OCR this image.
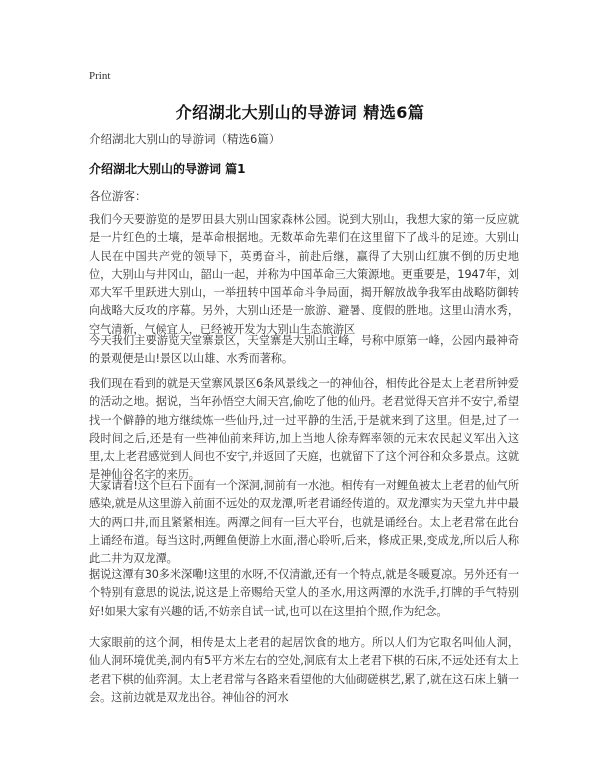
Print
介绍湖北大别山的导游词 精选6篇
介绍湖北大别山的导游词（精选6篇）
介绍湖北大别山的导游词 篇1
各位游客：

我们今天要游览的是罗田县大别山国家森林公园。说到大别山，我想大家的第一反应就是一片红色的土壤，是革命根据地。无数革命先辈们在这里留下了战斗的足迹。大别山人民在中国共产党的领导下，英勇奋斗，前赴后继，赢得了大别山红旗不倒的历史地位，大别山与井冈山，韶山一起，并称为中国革命三大策源地。更重要是，1947年，刘邓大军千里跃进大别山，一举扭转中国革命斗争局面，揭开解放战争我军由战略防御转向战略大反攻的序幕。另外，大别山还是一旅游、避暑、度假的胜地。这里山清水秀，空气清新，气候宜人，已经被开发为大别山生态旅游区

今天我们主要游览天堂寨景区，天堂寨是大别山主峰，号称中原第一峰，公园内最神奇的景观便是山!景区以山雄、水秀而著称。

我们现在看到的就是天堂寨风景区6条风景线之一的神仙谷，相传此谷是太上老君所钟爱的活动之地。据说，当年孙悟空大闹天宫,偷吃了他的仙丹。老君觉得天宫并不安宁,希望找一个僻静的地方继续炼一些仙丹,过一过平静的生活,于是就来到了这里。但是,过了一段时间之后,还是有一些神仙前来拜访,加上当地人徐寿辉率领的元末农民起义军出入这里,太上老君感觉到人间也不安宁,并返回了天庭，也就留下了这个河谷和众多景点。这就是神仙谷名字的来历。

大家请看!这个巨石下面有一个深洞,洞前有一水池。相传有一对鲤鱼被太上老君的仙气所感染,就是从这里游入前面不远处的双龙潭,听老君诵经传道的。双龙潭实为天堂九井中最大的两口井,而且紧紧相连。两潭之间有一巨大平台，也就是诵经台。太上老君常在此台上诵经布道。每当这时,两鲤鱼便游上水面,潜心聆听,后来，修成正果,变成龙,所以后人称此二井为双龙潭。

据说这潭有30多米深嘞!这里的水呀,不仅清澈,还有一个特点,就是冬暖夏凉。另外还有一个特别有意思的说法,说这是上帝赐给天堂人的圣水,用这两潭的水洗手,打牌的手气特别好!如果大家有兴趣的话,不妨亲自试一试,也可以在这里拍个照,作为纪念。

大家眼前的这个洞，相传是太上老君的起居饮食的地方。所以人们为它取名叫仙人洞，仙人洞环境优美,洞内有5平方米左右的空处,洞底有太上老君下棋的石床,不远处还有太上老君下棋的仙弈洞。太上老君常与各路来看望他的大仙砌磋棋艺,累了,就在这石床上躺一会。这前边就是双龙出谷。神仙谷的河水
